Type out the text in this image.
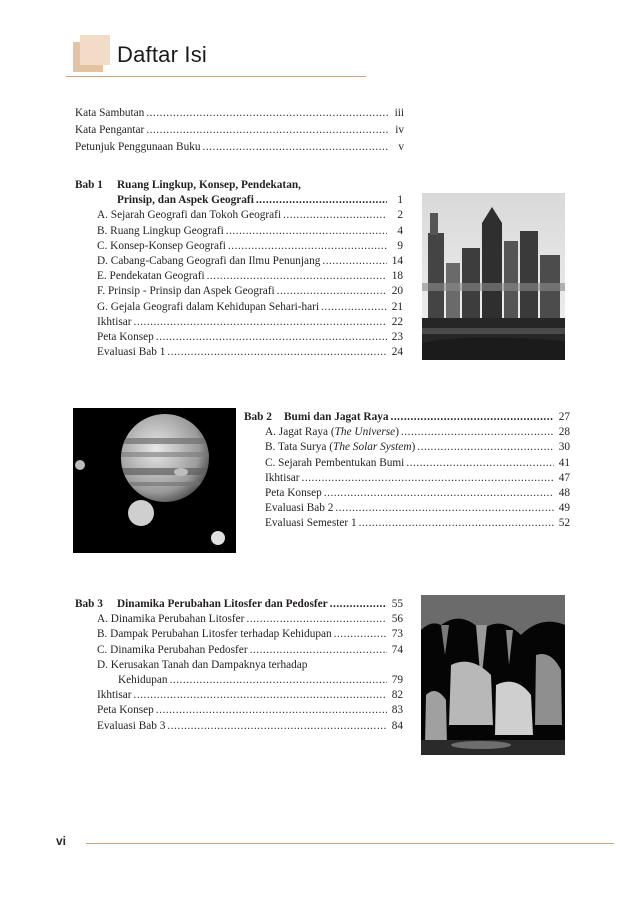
Daftar Isi
Kata Sambutan .....	iii
Kata Pengantar .....	iv
Petunjuk Penggunaan Buku .....	v
Bab 1	Ruang Lingkup, Konsep, Pendekatan,
Prinsip, dan Aspek Geografi .....	1
A. Sejarah Geografi dan Tokoh Geografi .....	2
B. Ruang Lingkup Geografi .....	4
C. Konsep-Konsep Geografi .....	9
D. Cabang-Cabang Geografi dan Ilmu Penunjang .....	14
E. Pendekatan Geografi .....	18
F. Prinsip - Prinsip dan Aspek Geografi .....	20
G. Gejala Geografi dalam Kehidupan Sehari-hari .....	21
Ikhtisar .....	22
Peta Konsep .....	23
Evaluasi Bab 1 .....	24
Bab 2	Bumi dan Jagat Raya .....	27
A. Jagat Raya (The Universe) .....	28
B. Tata Surya (The Solar System) .....	30
C. Sejarah Pembentukan Bumi .....	41
Ikhtisar .....	47
Peta Konsep .....	48
Evaluasi Bab 2 .....	49
Evaluasi Semester 1 .....	52
Bab 3	Dinamika Perubahan Litosfer dan Pedosfer .....	55
A. Dinamika Perubahan Litosfer .....	56
B. Dampak Perubahan Litosfer terhadap Kehidupan .....	73
C. Dinamika Perubahan Pedosfer .....	74
D. Kerusakan Tanah dan Dampaknya terhadap
Kehidupan .....	79
Ikhtisar .....	82
Peta Konsep .....	83
Evaluasi Bab 3 .....	84
vi
